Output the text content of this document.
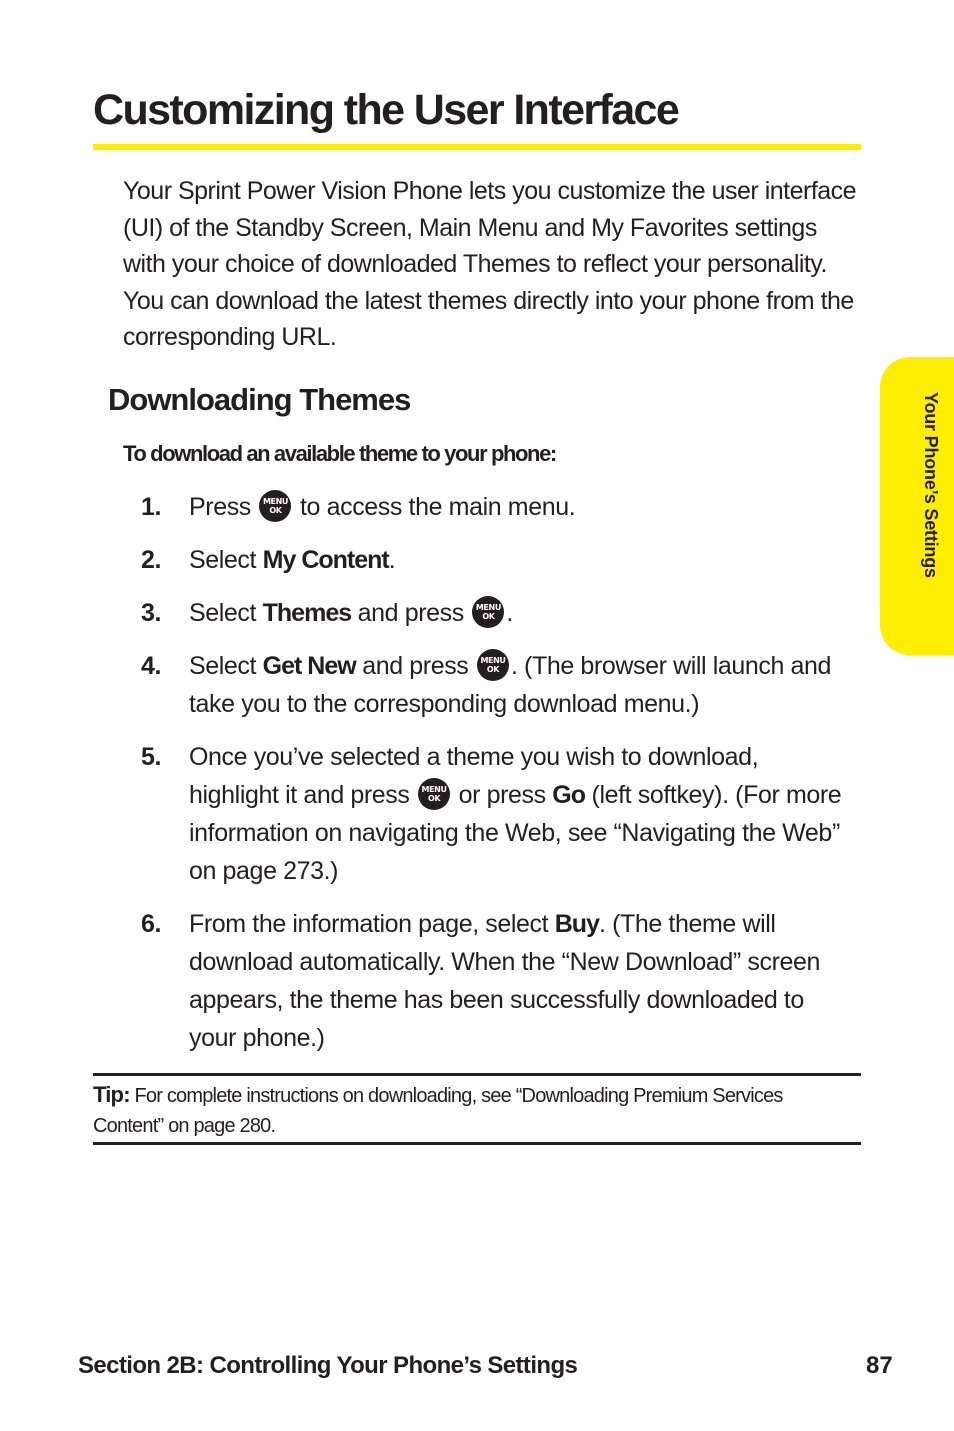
Customizing the User Interface

Your Sprint Power Vision Phone lets you customize the user interface (UI) of the Standby Screen, Main Menu and My Favorites settings with your choice of downloaded Themes to reflect your personality. You can download the latest themes directly into your phone from the corresponding URL.

Downloading Themes

To download an available theme to your phone:

1.	Press	MENU
OK to access the main menu.
2.	Select My Content.
3.	Select Themes and press	MENU
OK .
4.	Select Get New and press	MENU
OK . (The browser will launch and take you to the corresponding download menu.)
5.	Once you’ve selected a theme you wish to download, highlight it and press	MENU
OK or press Go (left softkey). (For more information on navigating the Web, see “Navigating the Web” on page 273.)
6.	From the information page, select Buy. (The theme will download automatically. When the “New Download” screen appears, the theme has been successfully downloaded to your phone.)
Tip: For complete instructions on downloading, see “Downloading Premium Services Content” on page 280.
Your Phone’s Settings
Section 2B: Controlling Your Phone’s Settings	87
